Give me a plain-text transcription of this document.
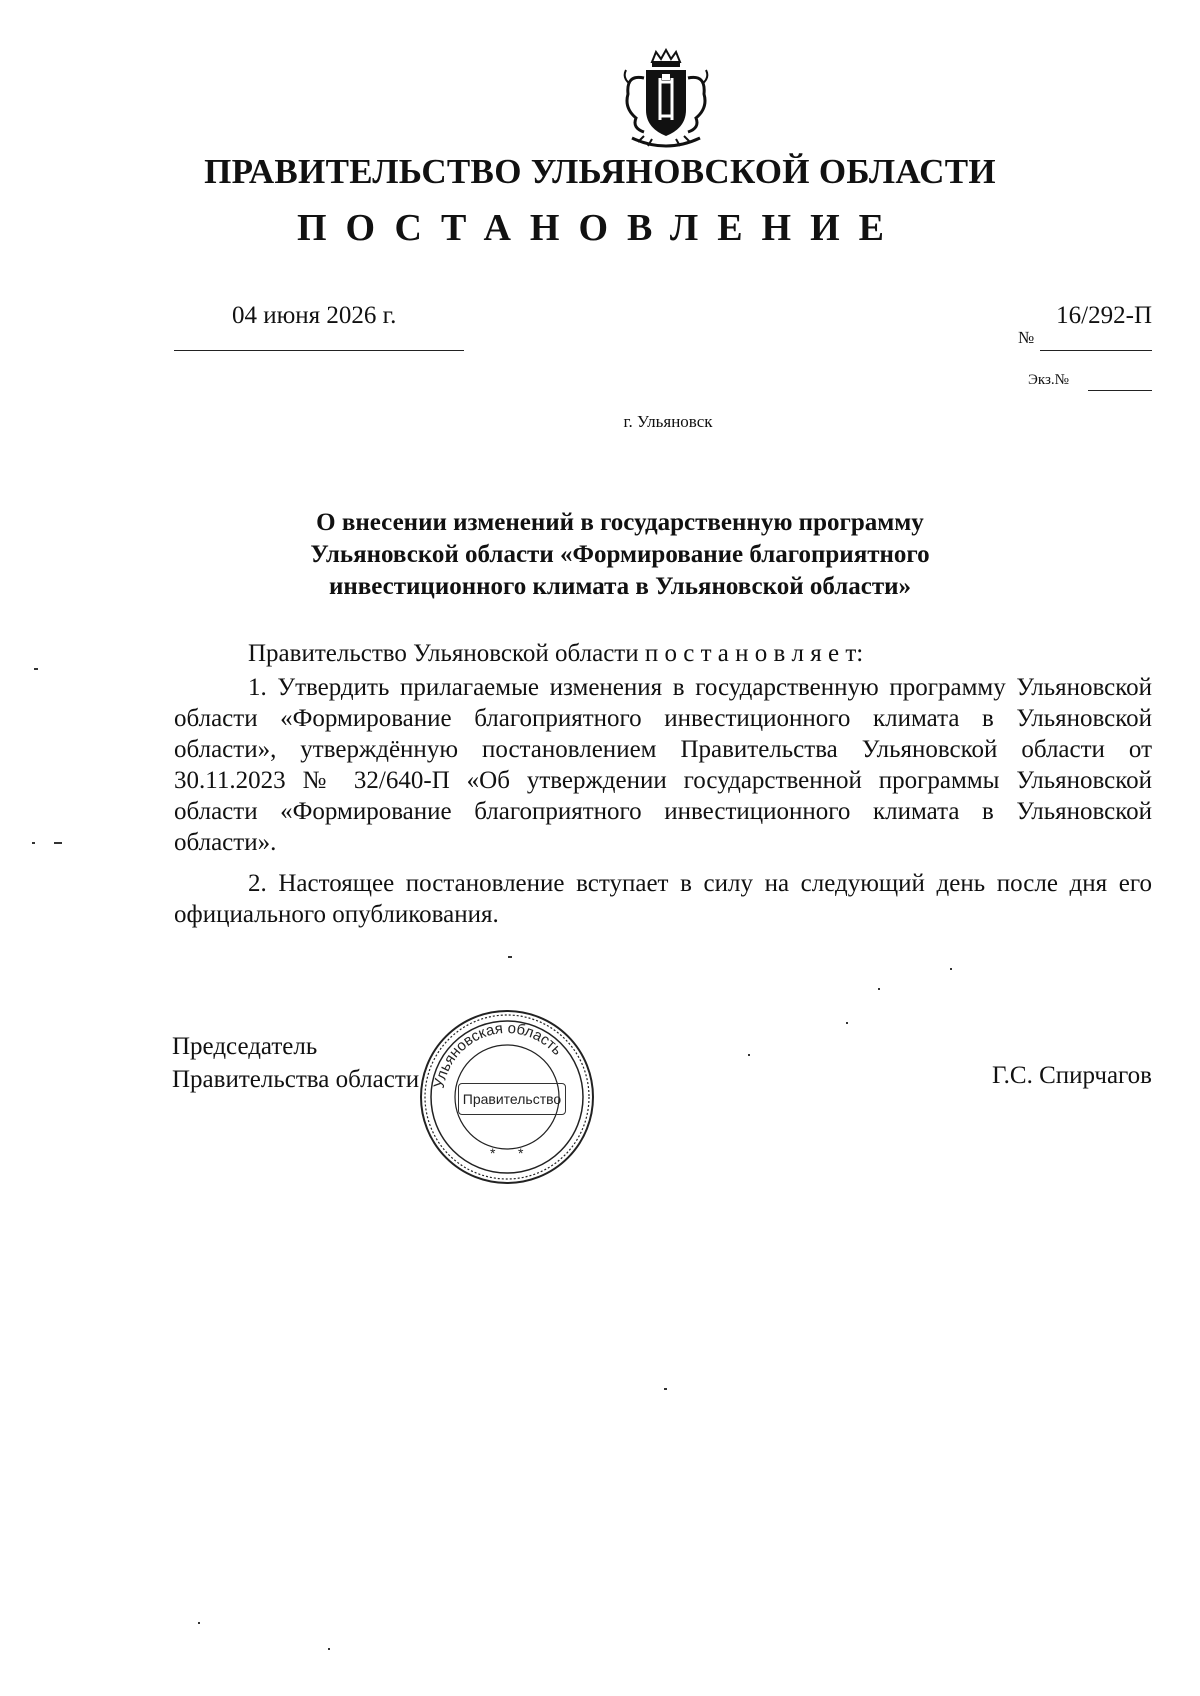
ПРАВИТЕЛЬСТВО УЛЬЯНОВСКОЙ ОБЛАСТИ
ПОСТАНОВЛЕНИЕ
04 июня 2026 г.	16/292-П
№
Экз.№
г. Ульяновск
О внесении изменений в государственную программу
Ульяновской области «Формирование благоприятного
инвестиционного климата в Ульяновской области»
Правительство Ульяновской области п о с т а н о в л я е т:
1. Утвердить прилагаемые изменения в государственную программу Ульяновской области «Формирование благоприятного инвестиционного климата в Ульяновской области», утверждённую постановлением Правительства Ульяновской области от 30.11.2023 № 32/640-П «Об утверждении государственной программы Ульяновской области «Формирование благоприятного инвестиционного климата в Ульяновской области».
2. Настоящее постановление вступает в силу на следующий день после дня его официального опубликования.
Председатель
Правительства области	Г.С. Спирчагов
Ульяновская область
* *
Правительство
